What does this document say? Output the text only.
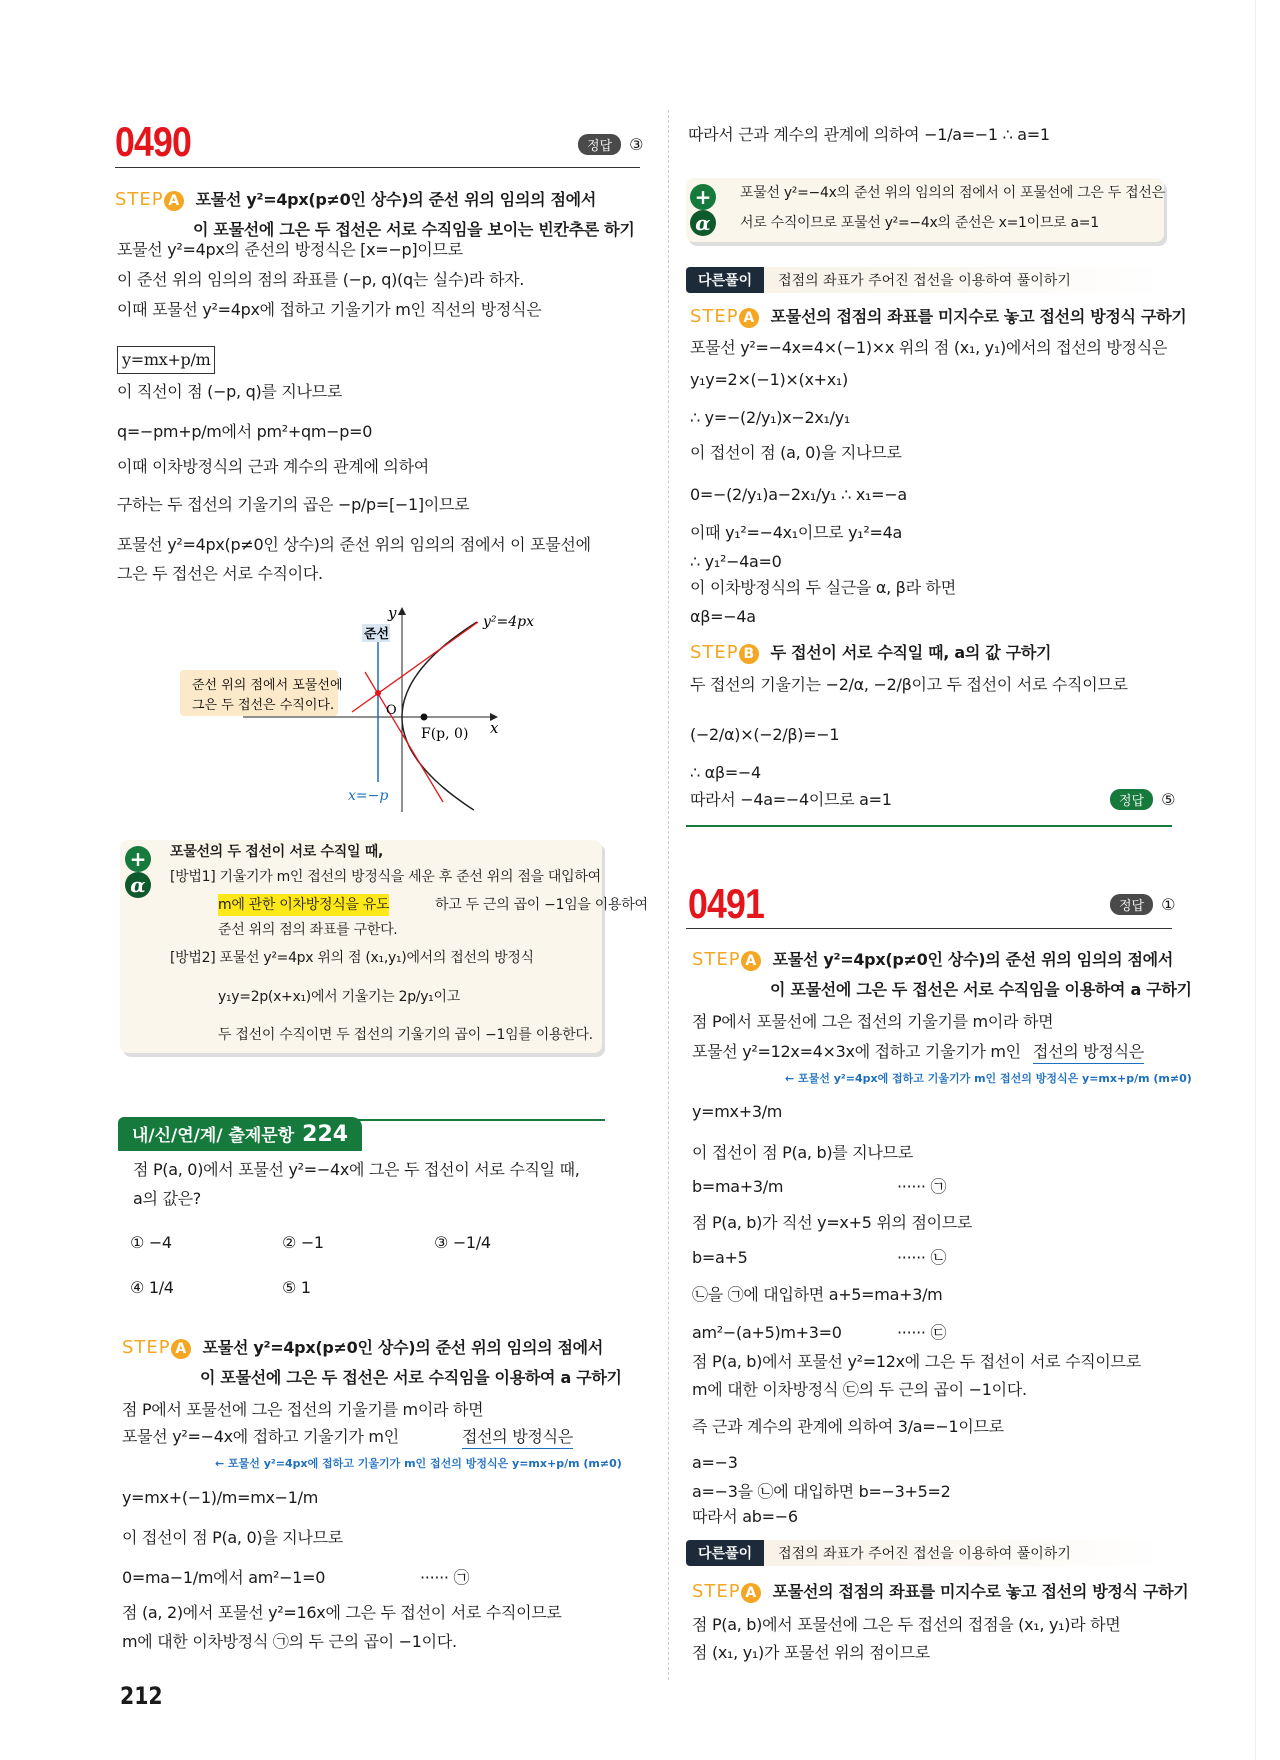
0490	정답	③
준선 위의 점에서 포물선에
그은 두 접선은 수직이다.
준선
y
x
O
y²=4px
F(p, 0)
x=−p
+
α
내/신/연/계/ 출제문항 224
정답	⑤
0491	정답	①
+
α
212
STEP A 포물선 y²=4px(p≠0인 상수)의 준선 위의 임의의 점에서
이 포물선에 그은 두 접선은 서로 수직임을 보이는 빈칸추론 하기
포물선 y²=4px의 준선의 방정식은 [x=−p]이므로
이 준선 위의 임의의 점의 좌표를 (−p, q)(q는 실수)라 하자.
이때 포물선 y²=4px에 접하고 기울기가 m인 직선의 방정식은
y=mx+p/m
이 직선이 점 (−p, q)를 지나므로
q=−pm+p/m에서 pm²+qm−p=0
이때 이차방정식의 근과 계수의 관계에 의하여
구하는 두 접선의 기울기의 곱은 −p/p=[−1]이므로
포물선 y²=4px(p≠0인 상수)의 준선 위의 임의의 점에서 이 포물선에
그은 두 접선은 서로 수직이다.
포물선의 두 접선이 서로 수직일 때,
[방법1] 기울기가 m인 접선의 방정식을 세운 후 준선 위의 점을 대입하여
m에 관한 이차방정식을 유도	하고 두 근의 곱이 −1임을 이용하여
준선 위의 점의 좌표를 구한다.
[방법2] 포물선 y²=4px 위의 점 (x₁,y₁)에서의 접선의 방정식
y₁y=2p(x+x₁)에서 기울기는 2p/y₁이고
두 접선이 수직이면 두 접선의 기울기의 곱이 −1임를 이용한다.
점 P(a, 0)에서 포물선 y²=−4x에 그은 두 접선이 서로 수직일 때,
a의 값은?
① −4	② −1	③ −1/4
④ 1/4	⑤ 1
STEP A 포물선 y²=4px(p≠0인 상수)의 준선 위의 임의의 점에서
이 포물선에 그은 두 접선은 서로 수직임을 이용하여 a 구하기
점 P에서 포물선에 그은 접선의 기울기를 m이라 하면
포물선 y²=−4x에 접하고 기울기가 m인	접선의 방정식은
y=mx+(−1)/m=mx−1/m
이 접선이 점 P(a, 0)을 지나므로
0=ma−1/m에서 am²−1=0
점 (a, 2)에서 포물선 y²=16x에 그은 두 접선이 서로 수직이므로
m에 대한 이차방정식 ㉠의 두 근의 곱이 −1이다.
······ ㉠
← 포물선 y²=4px에 접하고 기울기가 m인 접선의 방정식은 y=mx+p/m (m≠0)
따라서 근과 계수의 관계에 의하여 −1/a=−1 ∴ a=1
포물선 y²=−4x의 준선 위의 임의의 점에서 이 포물선에 그은 두 접선은
서로 수직이므로 포물선 y²=−4x의 준선은 x=1이므로 a=1
다른풀이	접점의 좌표가 주어진 접선을 이용하여 풀이하기
STEP A 포물선의 접점의 좌표를 미지수로 놓고 접선의 방정식 구하기
포물선 y²=−4x=4×(−1)×x 위의 점 (x₁, y₁)에서의 접선의 방정식은
y₁y=2×(−1)×(x+x₁)
∴ y=−(2/y₁)x−2x₁/y₁
이 접선이 점 (a, 0)을 지나므로
0=−(2/y₁)a−2x₁/y₁ ∴ x₁=−a
이때 y₁²=−4x₁이므로 y₁²=4a
∴ y₁²−4a=0
이 이차방정식의 두 실근을 α, β라 하면
αβ=−4a
STEP B 두 접선이 서로 수직일 때, a의 값 구하기
두 접선의 기울기는 −2/α, −2/β이고 두 접선이 서로 수직이므로
(−2/α)×(−2/β)=−1
∴ αβ=−4
따라서 −4a=−4이므로 a=1
STEP A 포물선 y²=4px(p≠0인 상수)의 준선 위의 임의의 점에서
이 포물선에 그은 두 접선은 서로 수직임을 이용하여 a 구하기
점 P에서 포물선에 그은 접선의 기울기를 m이라 하면
포물선 y²=12x=4×3x에 접하고 기울기가 m인 접선의 방정식은
y=mx+3/m
이 접선이 점 P(a, b)를 지나므로
b=ma+3/m
점 P(a, b)가 직선 y=x+5 위의 점이므로
b=a+5
㉡을 ㉠에 대입하면 a+5=ma+3/m
am²−(a+5)m+3=0
점 P(a, b)에서 포물선 y²=12x에 그은 두 접선이 서로 수직이므로
m에 대한 이차방정식 ㉢의 두 근의 곱이 −1이다.
즉 근과 계수의 관계에 의하여 3/a=−1이므로
a=−3
a=−3을 ㉡에 대입하면 b=−3+5=2
따라서 ab=−6
······ ㉠
······ ㉡
······ ㉢
← 포물선 y²=4px에 접하고 기울기가 m인 접선의 방정식은 y=mx+p/m (m≠0)
다른풀이	접점의 좌표가 주어진 접선을 이용하여 풀이하기
STEP A 포물선의 접점의 좌표를 미지수로 놓고 접선의 방정식 구하기
점 P(a, b)에서 포물선에 그은 두 접선의 접점을 (x₁, y₁)라 하면
점 (x₁, y₁)가 포물선 위의 점이므로
